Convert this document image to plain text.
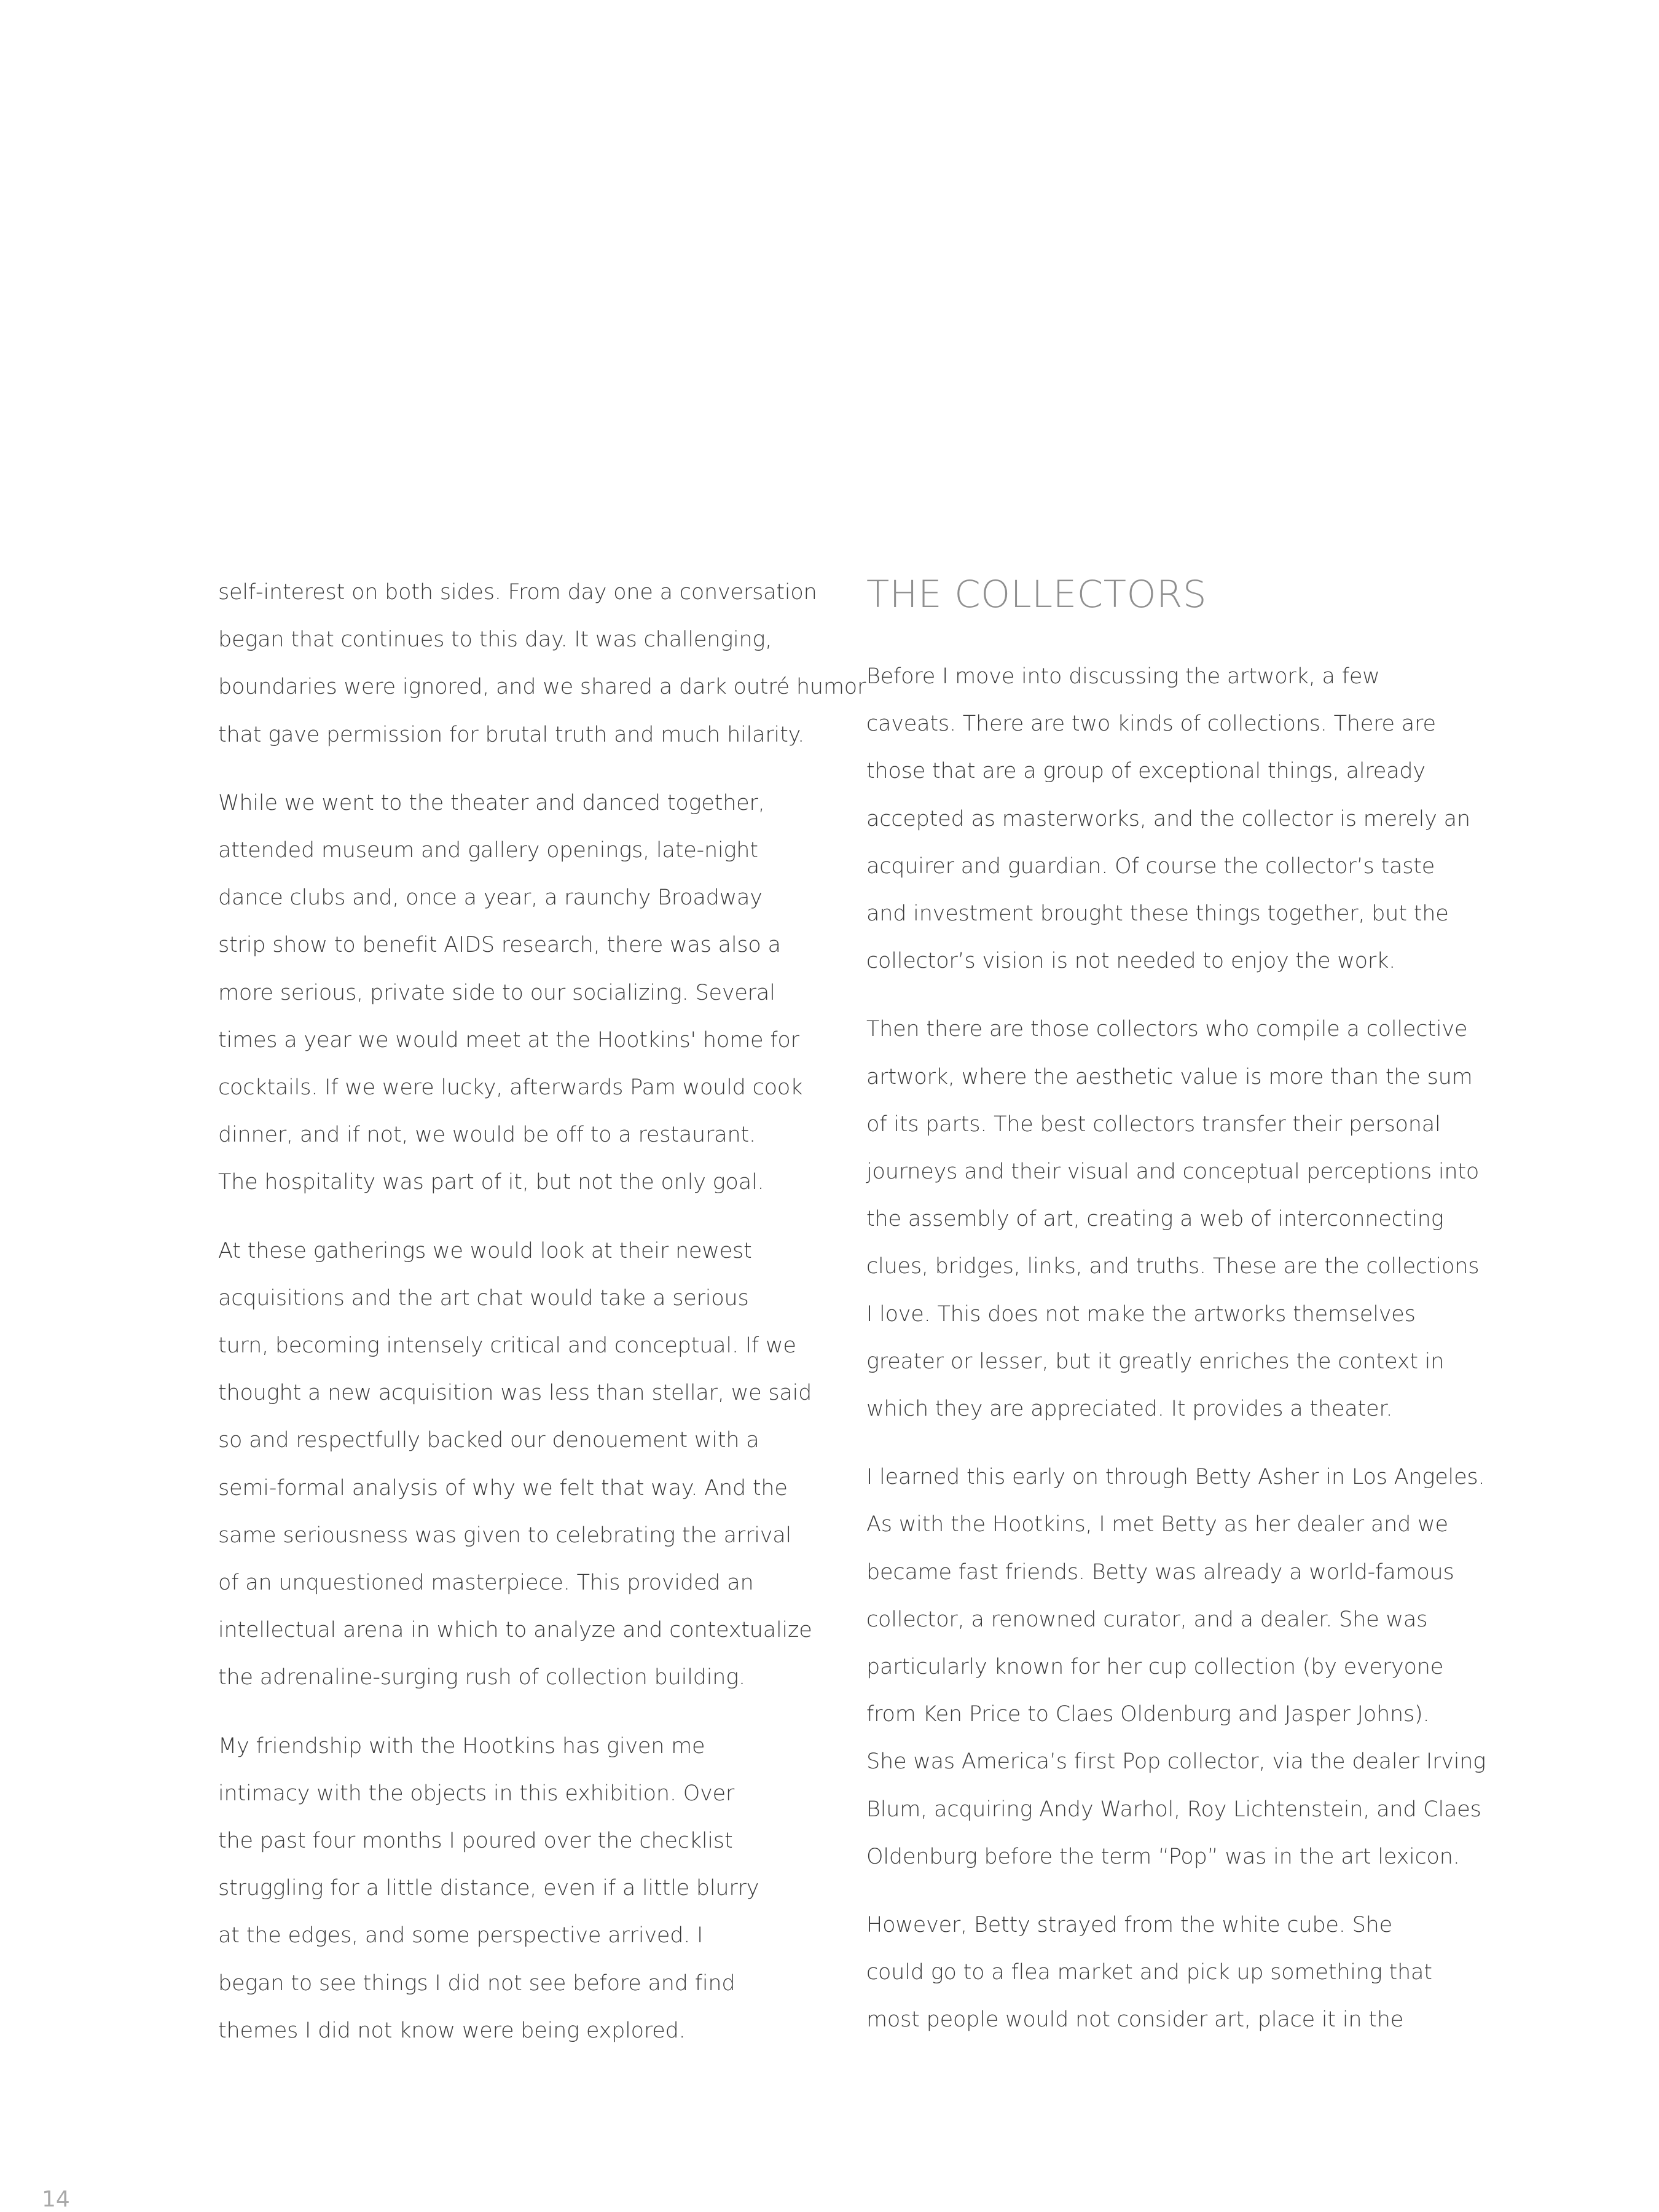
self-interest on both sides. From day one a conversation
began that continues to this day. It was challenging,
boundaries were ignored, and we shared a dark outré humor
that gave permission for brutal truth and much hilarity.
While we went to the theater and danced together,
attended museum and gallery openings, late-night
dance clubs and, once a year, a raunchy Broadway
strip show to benefit AIDS research, there was also a
more serious, private side to our socializing. Several
times a year we would meet at the Hootkins' home for
cocktails. If we were lucky, afterwards Pam would cook
dinner, and if not, we would be off to a restaurant.
The hospitality was part of it, but not the only goal.
At these gatherings we would look at their newest
acquisitions and the art chat would take a serious
turn, becoming intensely critical and conceptual. If we
thought a new acquisition was less than stellar, we said
so and respectfully backed our denouement with a
semi-formal analysis of why we felt that way. And the
same seriousness was given to celebrating the arrival
of an unquestioned masterpiece. This provided an
intellectual arena in which to analyze and contextualize
the adrenaline-surging rush of collection building.
My friendship with the Hootkins has given me
intimacy with the objects in this exhibition. Over
the past four months I poured over the checklist
struggling for a little distance, even if a little blurry
at the edges, and some perspective arrived. I
began to see things I did not see before and find
themes I did not know were being explored.
THE COLLECTORS
Before I move into discussing the artwork, a few
caveats. There are two kinds of collections. There are
those that are a group of exceptional things, already
accepted as masterworks, and the collector is merely an
acquirer and guardian. Of course the collector’s taste
and investment brought these things together, but the
collector’s vision is not needed to enjoy the work.
Then there are those collectors who compile a collective
artwork, where the aesthetic value is more than the sum
of its parts. The best collectors transfer their personal
journeys and their visual and conceptual perceptions into
the assembly of art, creating a web of interconnecting
clues, bridges, links, and truths. These are the collections
I love. This does not make the artworks themselves
greater or lesser, but it greatly enriches the context in
which they are appreciated. It provides a theater.
I learned this early on through Betty Asher in Los Angeles.
As with the Hootkins, I met Betty as her dealer and we
became fast friends. Betty was already a world-famous
collector, a renowned curator, and a dealer. She was
particularly known for her cup collection (by everyone
from Ken Price to Claes Oldenburg and Jasper Johns).
She was America’s first Pop collector, via the dealer Irving
Blum, acquiring Andy Warhol, Roy Lichtenstein, and Claes
Oldenburg before the term “Pop” was in the art lexicon.
However, Betty strayed from the white cube. She
could go to a flea market and pick up something that
most people would not consider art, place it in the
14
